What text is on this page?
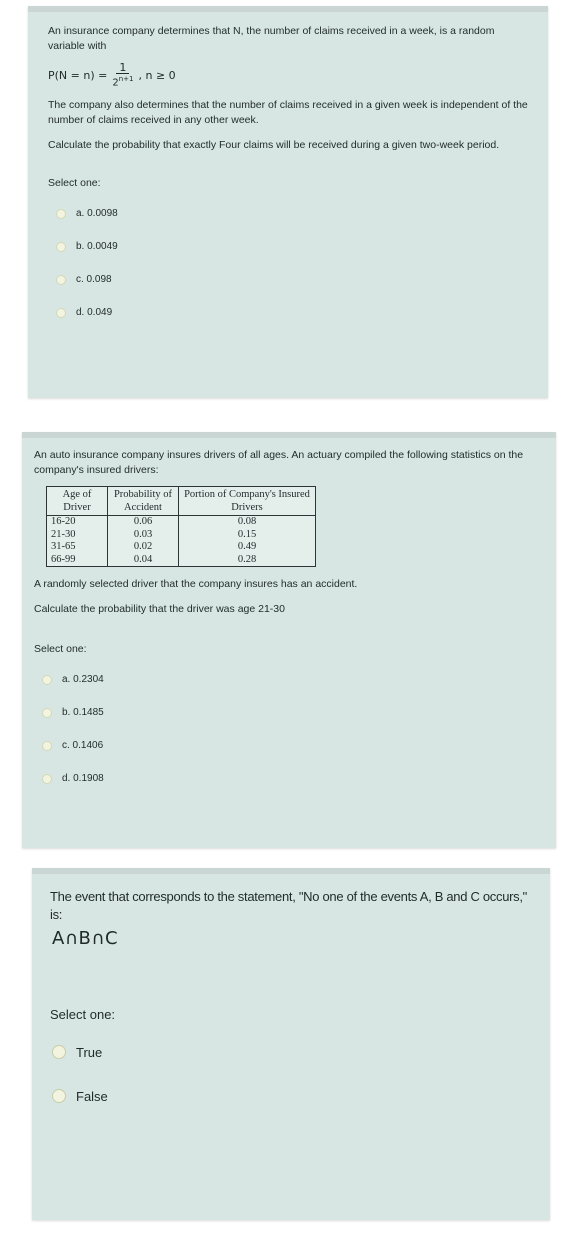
An insurance company determines that N, the number of claims received in a week, is a random variable with

$P(N = n) = \frac{1}{2^{n+1}}$ , n ≥ 0

The company also determines that the number of claims received in a given week is independent of the number of claims received in any other week.

Calculate the probability that exactly Four claims will be received during a given two-week period.

Select one:
a. 0.0098
b. 0.0049
c. 0.098
d. 0.049

An auto insurance company insures drivers of all ages. An actuary compiled the following statistics on the company's insured drivers:

Age of Driver	Probability of Accident	Portion of Company's Insured Drivers
16-20	0.06	0.08
21-30	0.03	0.15
31-65	0.02	0.49
66-99	0.04	0.28

A randomly selected driver that the company insures has an accident.

Calculate the probability that the driver was age 21-30

Select one:
a. 0.2304
b. 0.1485
c. 0.1406
d. 0.1908

The event that corresponds to the statement, "No one of the events A, B and C occurs," is:

A∩B∩C
Select one:
True
False
